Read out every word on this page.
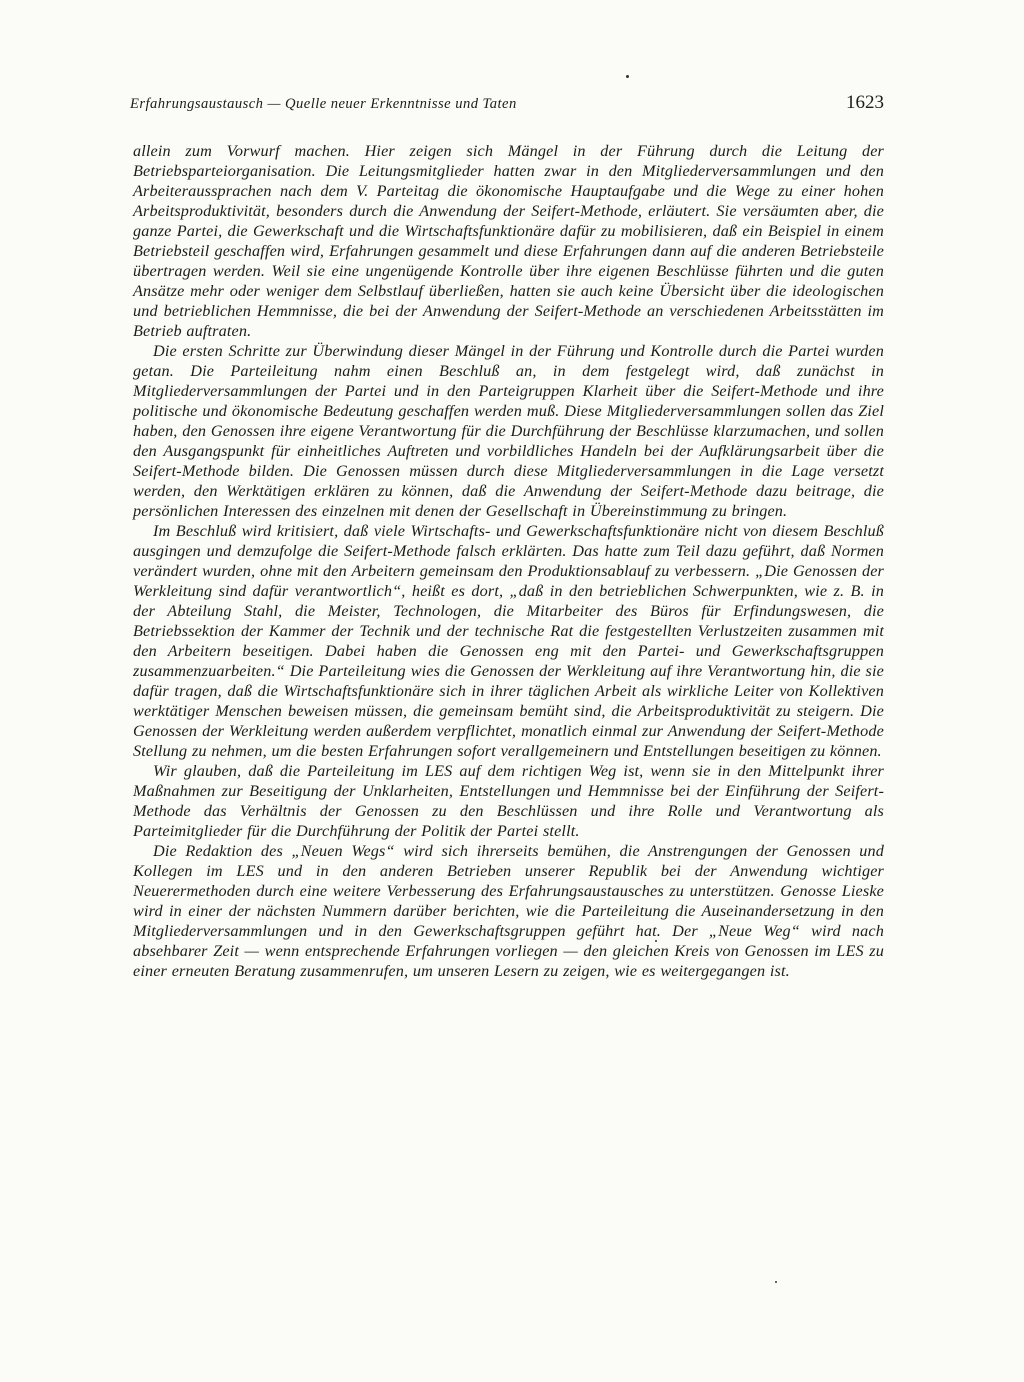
Erfahrungsaustausch — Quelle neuer Erkenntnisse und Taten	1623

allein zum Vorwurf machen. Hier zeigen sich Mängel in der Führung durch die Leitung der Betriebsparteiorganisation. Die Leitungsmitglieder hatten zwar in den Mitgliederversammlungen und den Arbeiteraussprachen nach dem V. Parteitag die ökonomische Hauptaufgabe und die Wege zu einer hohen Arbeitsproduktivität, besonders durch die Anwendung der Seifert-Methode, erläutert. Sie versäumten aber, die ganze Partei, die Gewerkschaft und die Wirtschaftsfunktionäre dafür zu mobilisieren, daß ein Beispiel in einem Betriebsteil geschaffen wird, Erfahrungen gesammelt und diese Erfahrungen dann auf die anderen Betriebsteile übertragen werden. Weil sie eine ungenügende Kontrolle über ihre eigenen Beschlüsse führten und die guten Ansätze mehr oder weniger dem Selbstlauf überließen, hatten sie auch keine Übersicht über die ideologischen und betrieblichen Hemmnisse, die bei der Anwendung der Seifert-Methode an verschiedenen Arbeitsstätten im Betrieb auftraten.

Die ersten Schritte zur Überwindung dieser Mängel in der Führung und Kontrolle durch die Partei wurden getan. Die Parteileitung nahm einen Beschluß an, in dem festgelegt wird, daß zunächst in Mitgliederversammlungen der Partei und in den Parteigruppen Klarheit über die Seifert-Methode und ihre politische und ökonomische Bedeutung geschaffen werden muß. Diese Mitgliederversammlungen sollen das Ziel haben, den Genossen ihre eigene Verantwortung für die Durchführung der Beschlüsse klarzumachen, und sollen den Ausgangspunkt für einheitliches Auftreten und vorbildliches Handeln bei der Aufklärungsarbeit über die Seifert-Methode bilden. Die Genossen müssen durch diese Mitgliederversammlungen in die Lage versetzt werden, den Werktätigen erklären zu können, daß die Anwendung der Seifert-Methode dazu beitrage, die persönlichen Interessen des einzelnen mit denen der Gesellschaft in Übereinstimmung zu bringen.

Im Beschluß wird kritisiert, daß viele Wirtschafts- und Gewerkschaftsfunktionäre nicht von diesem Beschluß ausgingen und demzufolge die Seifert-Methode falsch erklärten. Das hatte zum Teil dazu geführt, daß Normen verändert wurden, ohne mit den Arbeitern gemeinsam den Produktionsablauf zu verbessern. „Die Genossen der Werkleitung sind dafür verantwortlich“, heißt es dort, „daß in den betrieblichen Schwerpunkten, wie z. B. in der Abteilung Stahl, die Meister, Technologen, die Mitarbeiter des Büros für Erfindungswesen, die Betriebssektion der Kammer der Technik und der technische Rat die festgestellten Verlustzeiten zusammen mit den Arbeitern beseitigen. Dabei haben die Genossen eng mit den Partei- und Gewerkschaftsgruppen zusammenzuarbeiten.“ Die Parteileitung wies die Genossen der Werkleitung auf ihre Verantwortung hin, die sie dafür tragen, daß die Wirtschaftsfunktionäre sich in ihrer täglichen Arbeit als wirkliche Leiter von Kollektiven werktätiger Menschen beweisen müssen, die gemeinsam bemüht sind, die Arbeitsproduktivität zu steigern. Die Genossen der Werkleitung werden außerdem verpflichtet, monatlich einmal zur Anwendung der Seifert-Methode Stellung zu nehmen, um die besten Erfahrungen sofort verallgemeinern und Entstellungen beseitigen zu können.

Wir glauben, daß die Parteileitung im LES auf dem richtigen Weg ist, wenn sie in den Mittelpunkt ihrer Maßnahmen zur Beseitigung der Unklarheiten, Entstellungen und Hemmnisse bei der Einführung der Seifert-Methode das Verhältnis der Genossen zu den Beschlüssen und ihre Rolle und Verantwortung als Parteimitglieder für die Durchführung der Politik der Partei stellt.

Die Redaktion des „Neuen Wegs“ wird sich ihrerseits bemühen, die Anstrengungen der Genossen und Kollegen im LES und in den anderen Betrieben unserer Republik bei der Anwendung wichtiger Neuerermethoden durch eine weitere Verbesserung des Erfahrungsaustausches zu unterstützen. Genosse Lieske wird in einer der nächsten Nummern darüber berichten, wie die Parteileitung die Auseinandersetzung in den Mitgliederversammlungen und in den Gewerkschaftsgruppen geführt hat. Der „Neue Weg“ wird nach absehbarer Zeit — wenn entsprechende Erfahrungen vorliegen — den gleichen Kreis von Genossen im LES zu einer erneuten Beratung zusammenrufen, um unseren Lesern zu zeigen, wie es weitergegangen ist.
